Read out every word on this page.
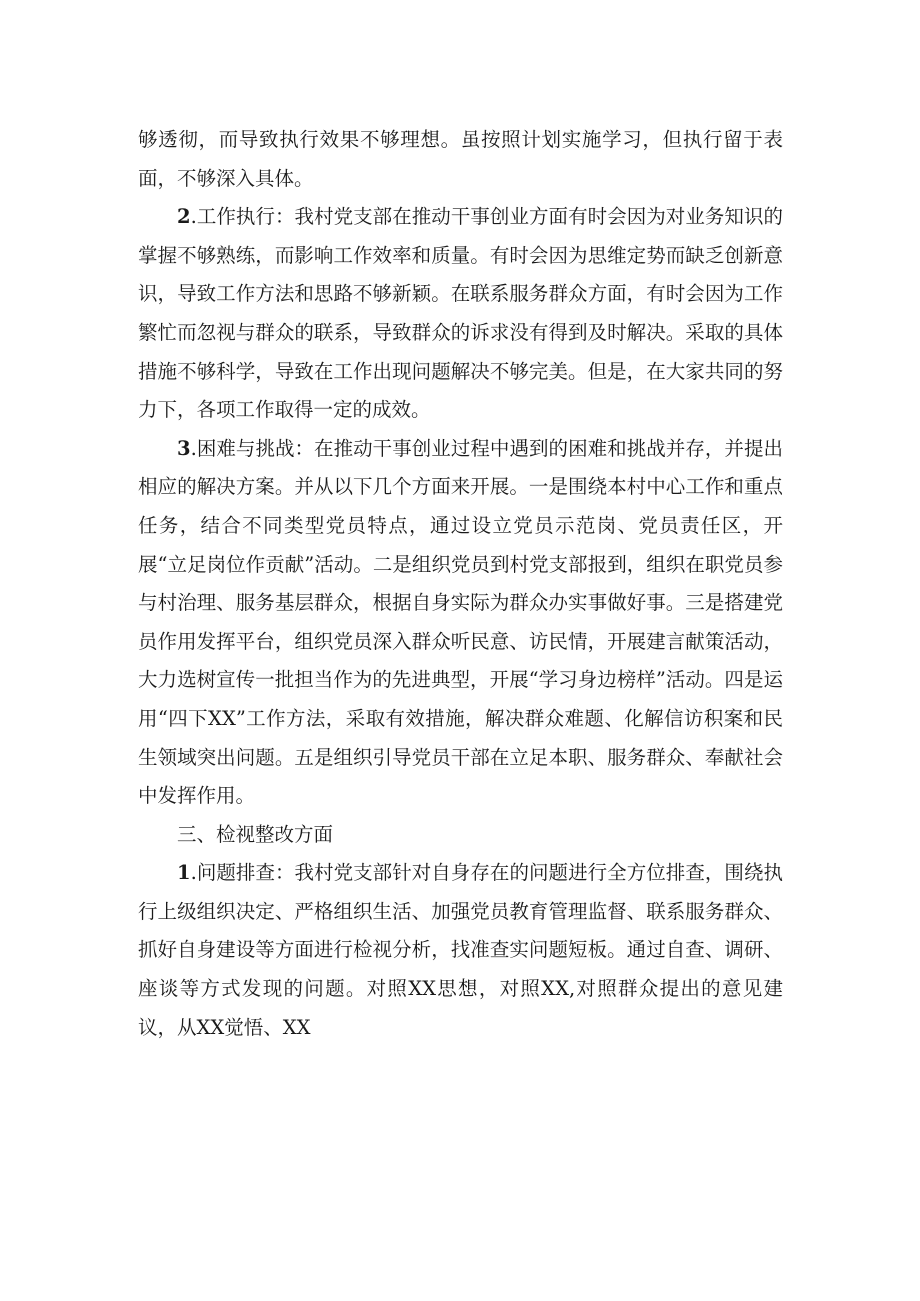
够透彻，而导致执行效果不够理想。虽按照计划实施学习，但执行留于表面，不够深入具体。

2.工作执行：我村党支部在推动干事创业方面有时会因为对业务知识的掌握不够熟练，而影响工作效率和质量。有时会因为思维定势而缺乏创新意识，导致工作方法和思路不够新颖。在联系服务群众方面，有时会因为工作繁忙而忽视与群众的联系，导致群众的诉求没有得到及时解决。采取的具体措施不够科学，导致在工作出现问题解决不够完美。但是，在大家共同的努力下，各项工作取得一定的成效。

3.困难与挑战：在推动干事创业过程中遇到的困难和挑战并存，并提出相应的解决方案。并从以下几个方面来开展。一是围绕本村中心工作和重点任务，结合不同类型党员特点，通过设立党员示范岗、党员责任区，开展“立足岗位作贡献”活动。二是组织党员到村党支部报到，组织在职党员参与村治理、服务基层群众，根据自身实际为群众办实事做好事。三是搭建党员作用发挥平台，组织党员深入群众听民意、访民情，开展建言献策活动，大力选树宣传一批担当作为的先进典型，开展“学习身边榜样”活动。四是运用“四下XX”工作方法，采取有效措施，解决群众难题、化解信访积案和民生领域突出问题。五是组织引导党员干部在立足本职、服务群众、奉献社会中发挥作用。

三、检视整改方面

1.问题排查：我村党支部针对自身存在的问题进行全方位排查，围绕执行上级组织决定、严格组织生活、加强党员教育管理监督、联系服务群众、抓好自身建设等方面进行检视分析，找准查实问题短板。通过自查、调研、座谈等方式发现的问题。对照XX思想，对照XX,对照群众提出的意见建议，从XX觉悟、XX
